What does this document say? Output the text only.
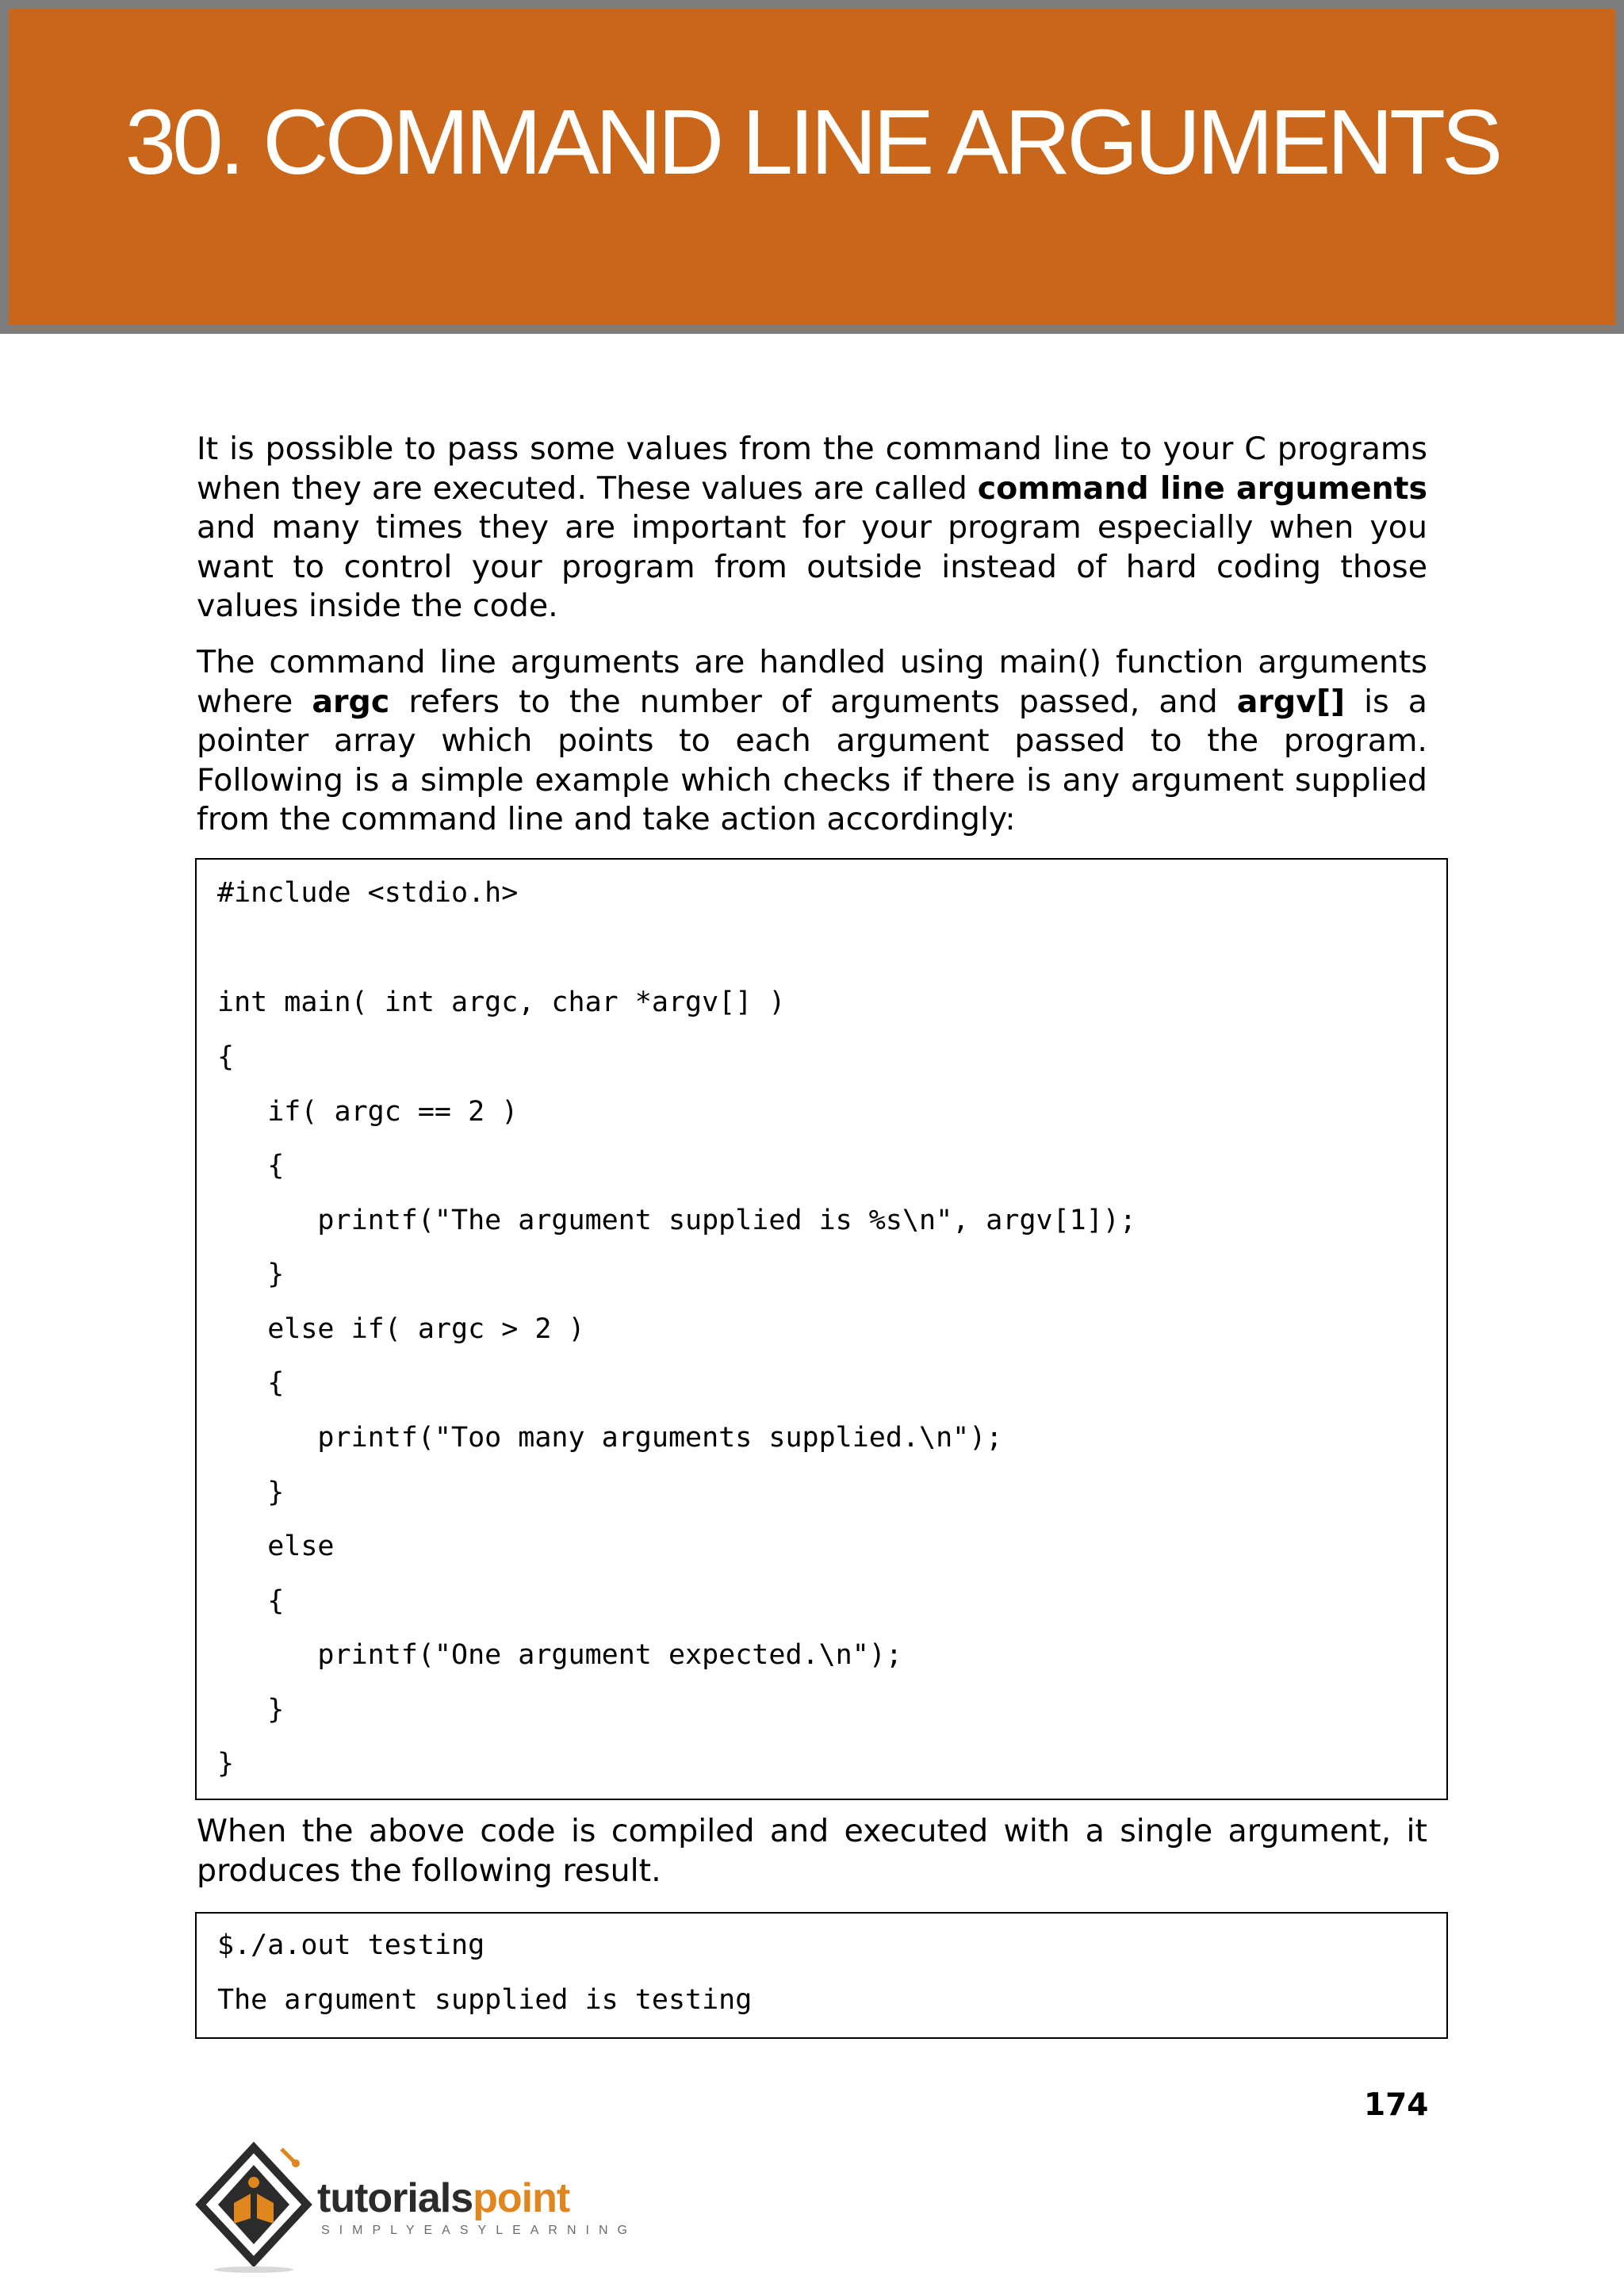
30. COMMAND LINE ARGUMENTS

It is possible to pass some values from the command line to your C programs when they are executed. These values are called command line arguments and many times they are important for your program especially when you want to control your program from outside instead of hard coding those values inside the code.

The command line arguments are handled using main() function arguments where argc refers to the number of arguments passed, and argv[] is a pointer array which points to each argument passed to the program. Following is a simple example which checks if there is any argument supplied from the command line and take action accordingly:

#include <stdio.h>
int main( int argc, char *argv[] )
{
if( argc == 2 )
{
printf("The argument supplied is %s\n", argv[1]);
}
else if( argc > 2 )
{
printf("Too many arguments supplied.\n");
}
else
{
printf("One argument expected.\n");
}
}

When the above code is compiled and executed with a single argument, it produces the following result.

$./a.out testing
The argument supplied is testing
174
tutorialspoint
SIMPLYEASYLEARNING
